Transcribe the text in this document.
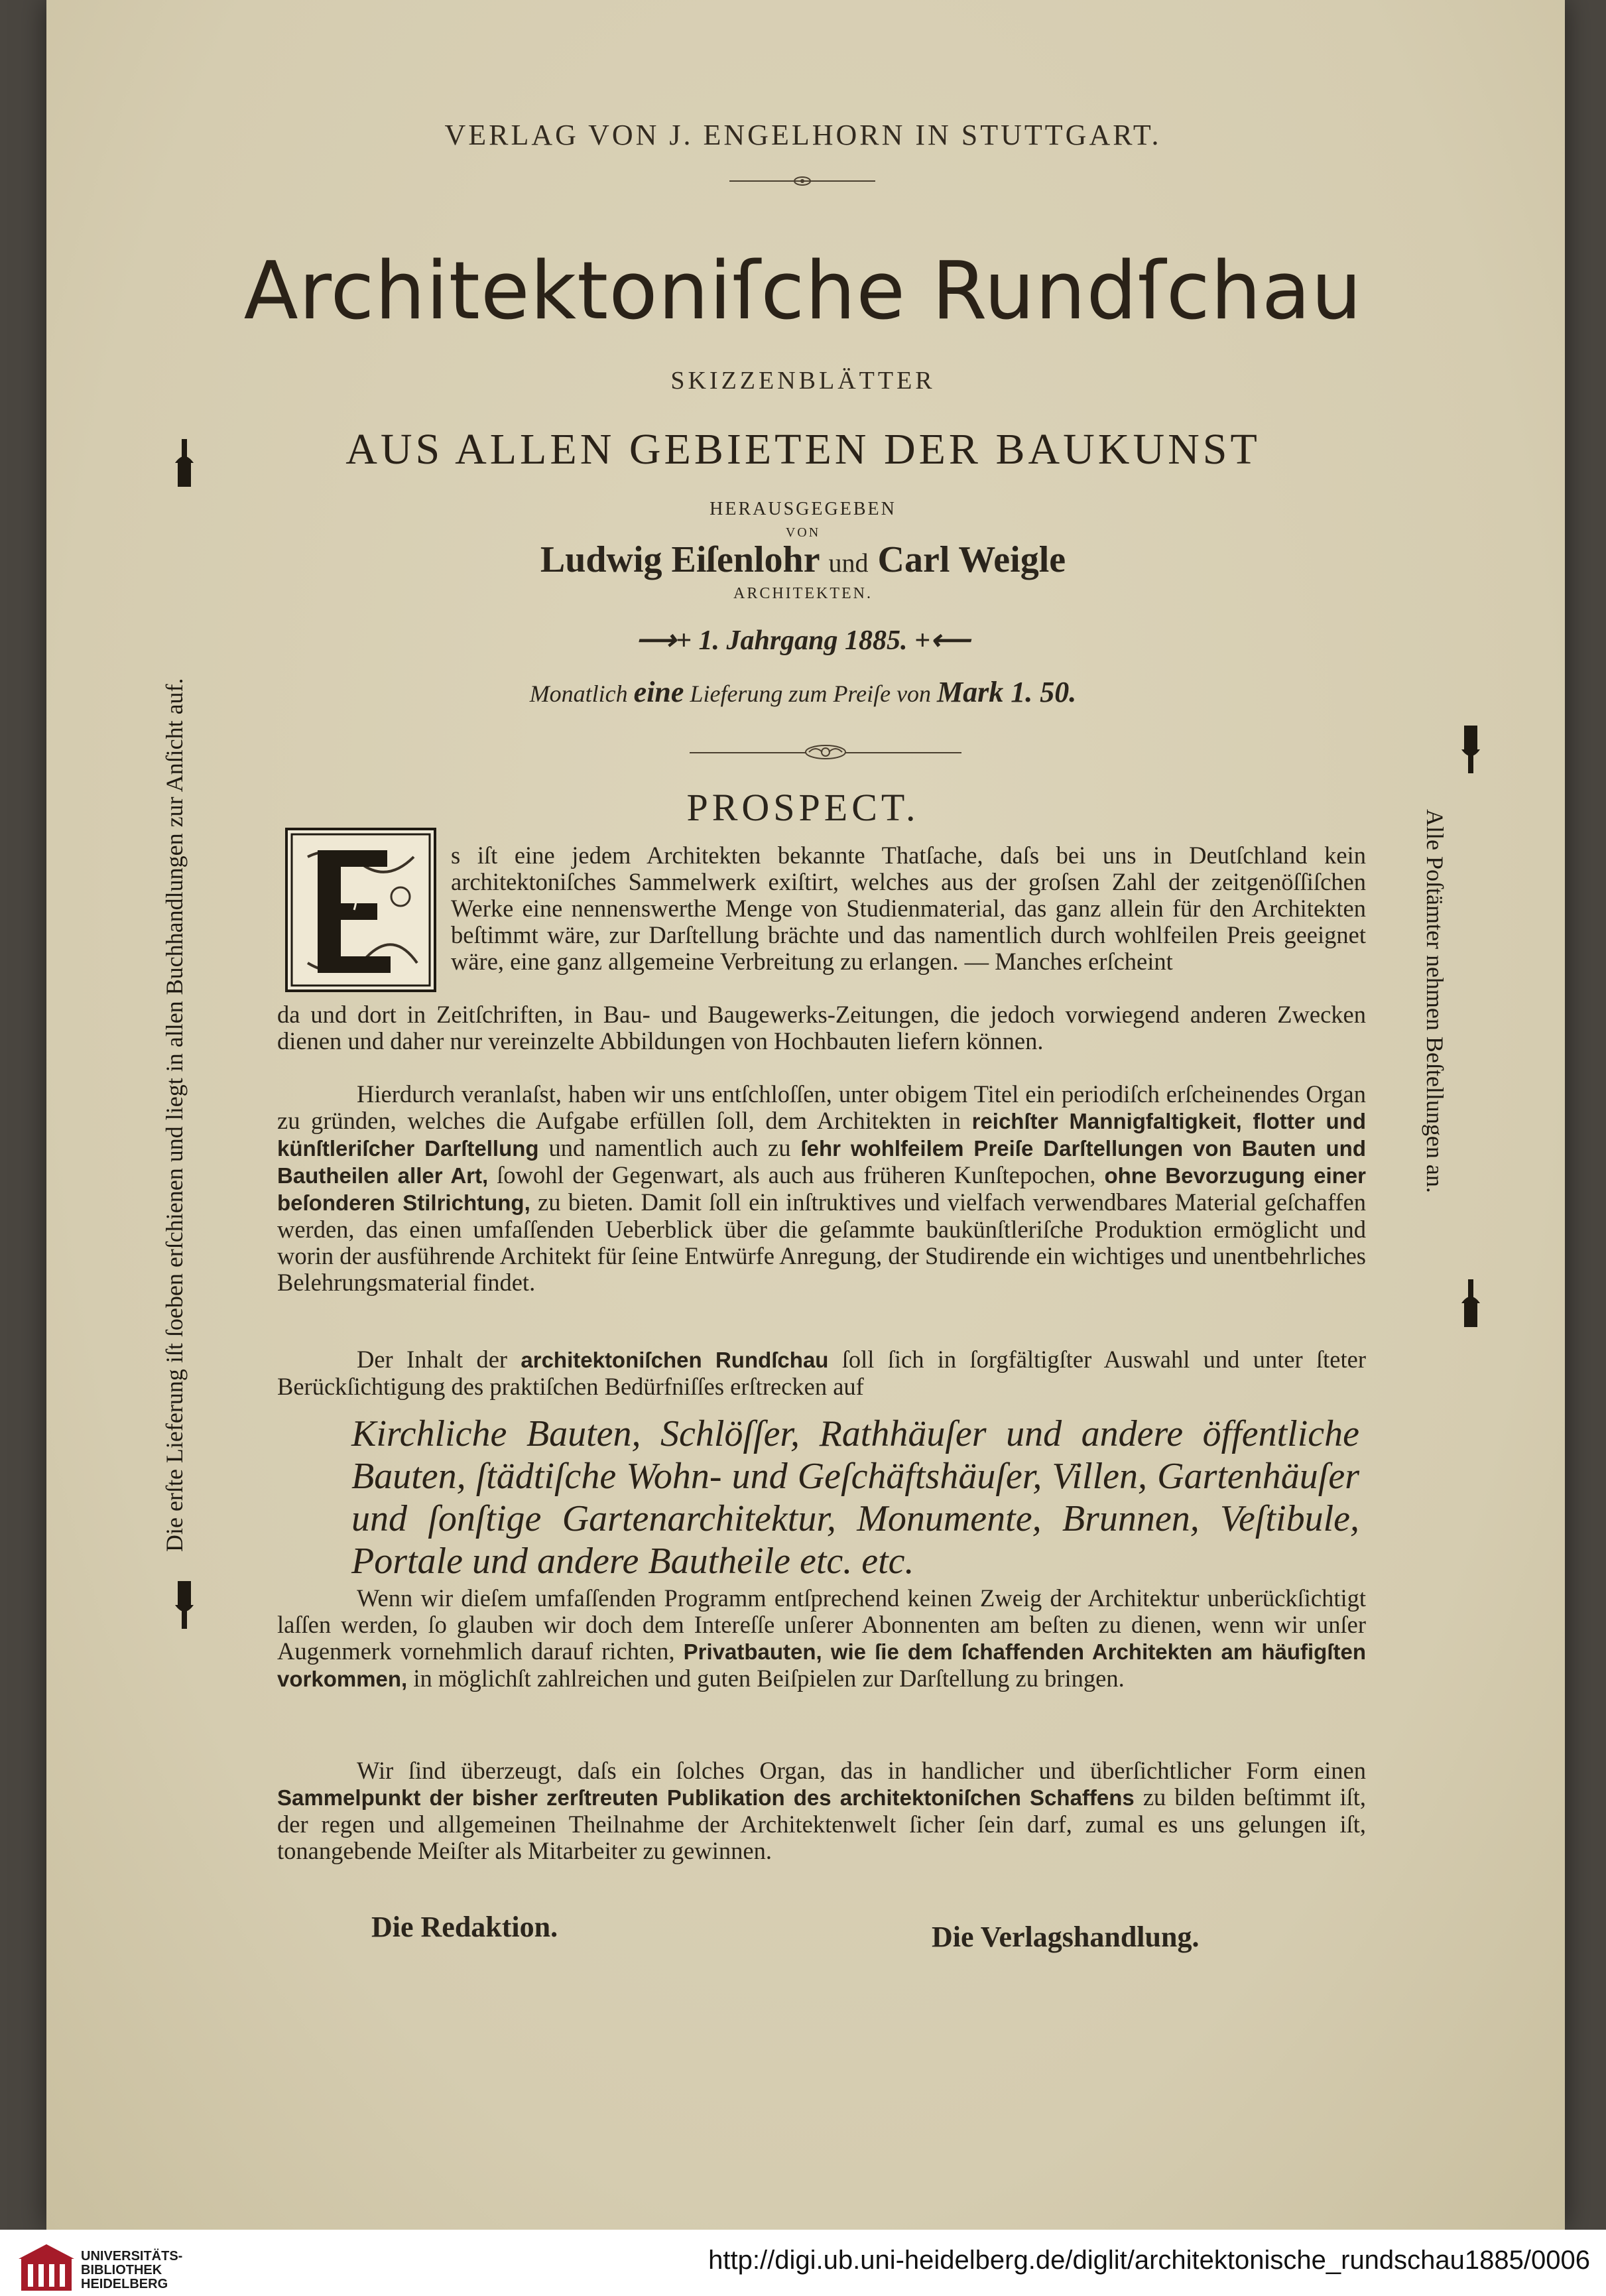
VERLAG VON J. ENGELHORN IN STUTTGART.
Architektoniſche Rundſchau
SKIZZENBLÄTTER
AUS ALLEN GEBIETEN DER BAUKUNST
HERAUSGEGEBEN
VON
Ludwig Eiſenlohr und Carl Weigle
ARCHITEKTEN.
⟶+ 1. Jahrgang 1885. +⟵
Monatlich eine Lieferung zum Preiſe von Mark 1. 50.
PROSPECT.
s iſt eine jedem Architekten bekannte Thatſache, daſs bei uns in Deutſchland kein architektoniſches Sammelwerk exiſtirt, welches aus der groſsen Zahl der zeitgenöſſiſchen Werke eine nennenswerthe Menge von Studienmaterial, das ganz allein für den Architekten beſtimmt wäre, zur Darſtellung brächte und das namentlich durch wohlfeilen Preis geeignet wäre, eine ganz allgemeine Verbreitung zu erlangen. — Manches erſcheint
da und dort in Zeitſchriften, in Bau- und Baugewerks-Zeitungen, die jedoch vorwiegend anderen Zwecken dienen und daher nur vereinzelte Abbildungen von Hochbauten liefern können.
Hierdurch veranlaſst, haben wir uns entſchloſſen, unter obigem Titel ein periodiſch erſcheinendes Organ zu gründen, welches die Aufgabe erfüllen ſoll, dem Architekten in reichſter Mannigfaltigkeit, flotter und künſtleriſcher Darſtellung und namentlich auch zu ſehr wohlfeilem Preiſe Darſtellungen von Bauten und Bautheilen aller Art, ſowohl der Gegenwart, als auch aus früheren Kunſtepochen, ohne Bevorzugung einer beſonderen Stilrichtung, zu bieten. Damit ſoll ein inſtruktives und vielfach verwendbares Material geſchaffen werden, das einen umfaſſenden Ueberblick über die geſammte baukünſtleriſche Produktion ermöglicht und worin der ausführende Architekt für ſeine Entwürfe Anregung, der Studirende ein wichtiges und unentbehrliches Belehrungsmaterial findet.
Der Inhalt der architektoniſchen Rundſchau ſoll ſich in ſorgfältigſter Auswahl und unter ſteter Berückſichtigung des praktiſchen Bedürfniſſes erſtrecken auf
Kirchliche Bauten, Schlöſſer, Rathhäuſer und andere öffentliche Bauten, ſtädtiſche Wohn- und Geſchäftshäuſer, Villen, Gartenhäuſer und ſonſtige Gartenarchitektur, Monumente, Brunnen, Veſtibule, Portale und andere Bautheile etc. etc.
Wenn wir dieſem umfaſſenden Programm entſprechend keinen Zweig der Architektur unberückſichtigt laſſen werden, ſo glauben wir doch dem Intereſſe unſerer Abonnenten am beſten zu dienen, wenn wir unſer Augenmerk vornehmlich darauf richten, Privatbauten, wie ſie dem ſchaffenden Architekten am häufigſten vorkommen, in möglichſt zahlreichen und guten Beiſpielen zur Darſtellung zu bringen.
Wir ſind überzeugt, daſs ein ſolches Organ, das in handlicher und überſichtlicher Form einen Sammelpunkt der bisher zerſtreuten Publikation des architektoniſchen Schaffens zu bilden beſtimmt iſt, der regen und allgemeinen Theilnahme der Architektenwelt ſicher ſein darf, zumal es uns gelungen iſt, tonangebende Meiſter als Mitarbeiter zu gewinnen.
Die Redaktion.	Die Verlagshandlung.
Die erſte Lieferung iſt ſoeben erſchienen und liegt in allen Buchhandlungen zur Anſicht auf.	Alle Poſtämter nehmen Beſtellungen an.
UNIVERSITÄTS-
BIBLIOTHEK
HEIDELBERG
http://digi.ub.uni-heidelberg.de/diglit/architektonische_rundschau1885/0006
